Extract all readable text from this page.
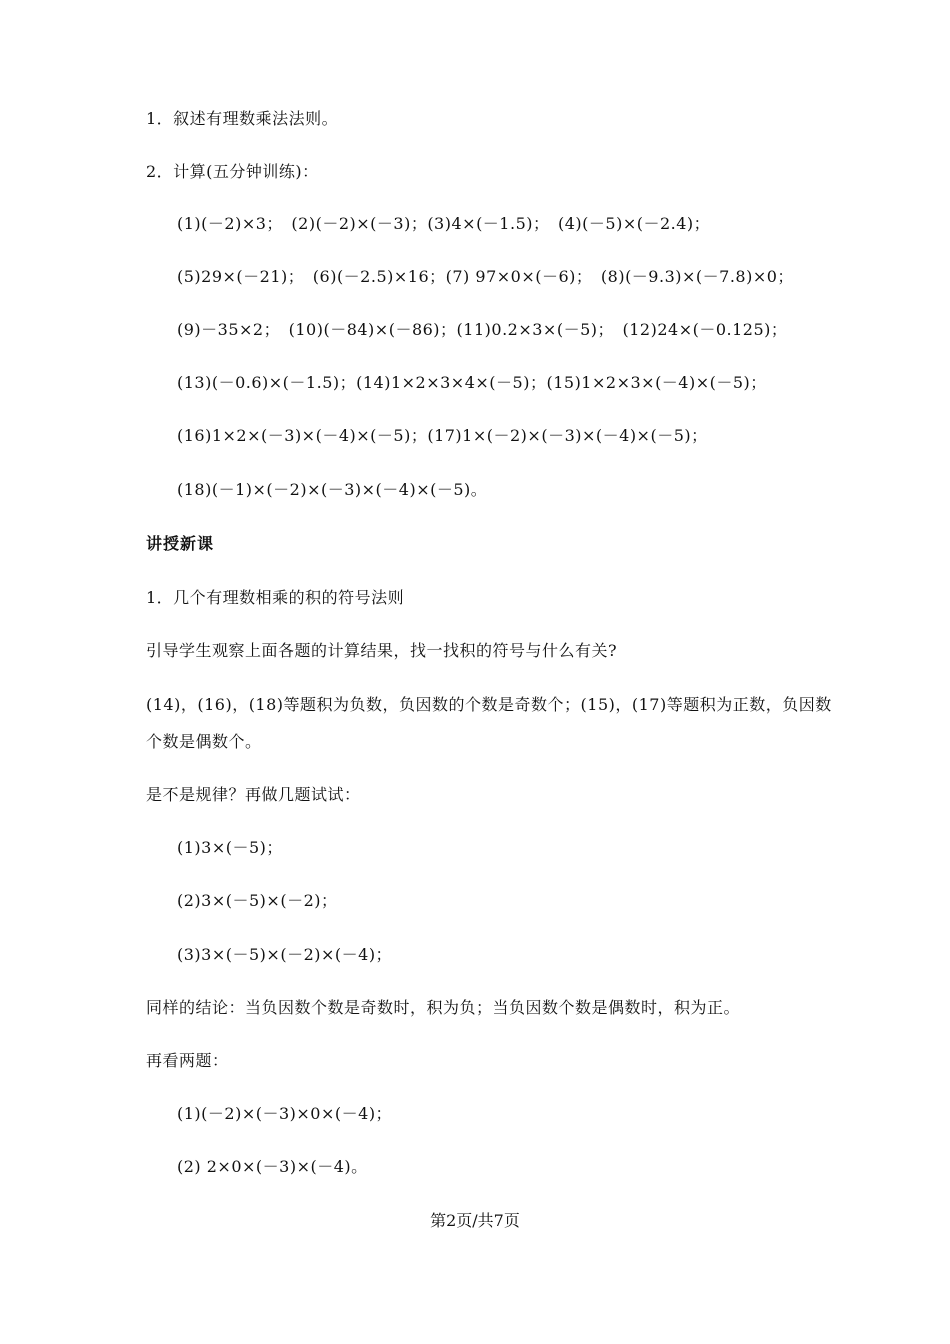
1．叙述有理数乘法法则。
2．计算(五分钟训练)：
(1)(－2)×3；　(2)(－2)×(－3)；(3)4×(－1.5)；　(4)(－5)×(－2.4)；
(5)29×(－21)；　(6)(－2.5)×16；(7) 97×0×(－6)；　(8)(－9.3)×(－7.8)×0；
(9)－35×2；　(10)(－84)×(－86)；(11)0.2×3×(－5)；　(12)24×(－0.125)；
(13)(－0.6)×(－1.5)；(14)1×2×3×4×(－5)；(15)1×2×3×(－4)×(－5)；
(16)1×2×(－3)×(－4)×(－5)；(17)1×(－2)×(－3)×(－4)×(－5)；
(18)(－1)×(－2)×(－3)×(－4)×(－5)。
讲授新课
1．几个有理数相乘的积的符号法则
引导学生观察上面各题的计算结果，找一找积的符号与什么有关?
(14)，(16)，(18)等题积为负数，负因数的个数是奇数个；(15)，(17)等题积为正数，负因数
个数是偶数个。
是不是规律？再做几题试试：
(1)3×(－5)；
(2)3×(－5)×(－2)；
(3)3×(－5)×(－2)×(－4)；
同样的结论：当负因数个数是奇数时，积为负；当负因数个数是偶数时，积为正。
再看两题：
(1)(－2)×(－3)×0×(－4)；
(2) 2×0×(－3)×(－4)。
第2页/共7页
